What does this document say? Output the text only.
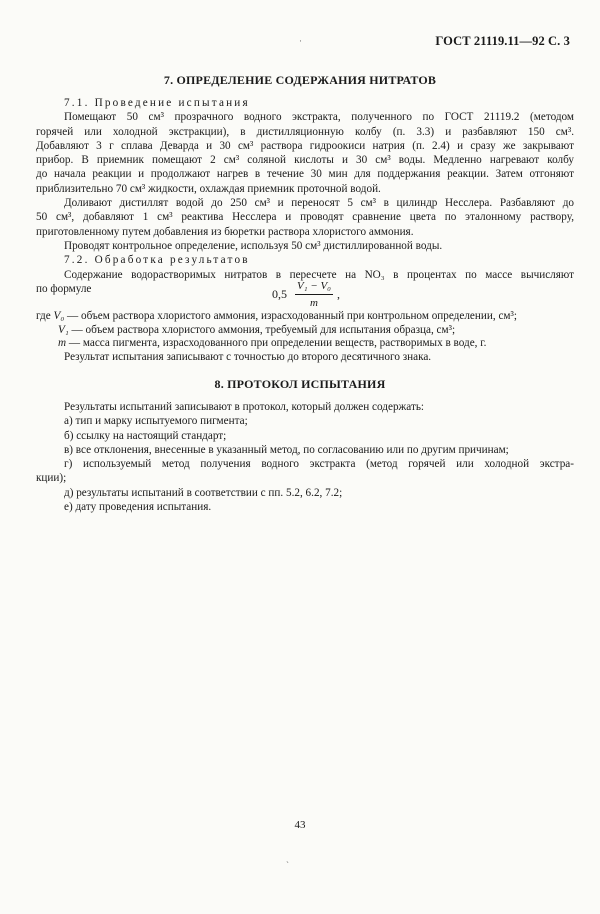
ГОСТ 21119.11—92 С. 3
7. ОПРЕДЕЛЕНИЕ СОДЕРЖАНИЯ НИТРАТОВ
7.1. Проведение испытания
Помещают 50 см³ прозрачного водного экстракта, полученного по ГОСТ 21119.2 (методом
горячей или холодной экстракции), в дистилляционную колбу (п. 3.3) и разбавляют 150 см³.
Добавляют 3 г сплава Деварда и 30 см³ раствора гидроокиси натрия (п. 2.4) и сразу же закрывают
прибор. В приемник помещают 2 см³ соляной кислоты и 30 см³ воды. Медленно нагревают колбу
до начала реакции и продолжают нагрев в течение 30 мин для поддержания реакции. Затем отгоняют
приблизительно 70 см³ жидкости, охлаждая приемник проточной водой.
Доливают дистиллят водой до 250 см³ и переносят 5 см³ в цилиндр Несслера. Разбавляют до
50 см³, добавляют 1 см³ реактива Несслера и проводят сравнение цвета по эталонному раствору,
приготовленному путем добавления из бюретки раствора хлористого аммония.
Проводят контрольное определение, используя 50 см³ дистиллированной воды.
7.2. Обработка результатов
Содержание водорастворимых нитратов в пересчете на NO₃ в процентах по массе вычисляют
по формуле	$0,5 \frac{\text{V₁ − V₀}}{m}$ ,
где V₀ — объем раствора хлористого аммония, израсходованный при контрольном определении, см³;
V₁ — объем раствора хлористого аммония, требуемый для испытания образца, см³;
m — масса пигмента, израсходованного при определении веществ, растворимых в воде, г.
Результат испытания записывают с точностью до второго десятичного знака.
8. ПРОТОКОЛ ИСПЫТАНИЯ
Результаты испытаний записывают в протокол, который должен содержать:
а) тип и марку испытуемого пигмента;
б) ссылку на настоящий стандарт;
в) все отклонения, внесенные в указанный метод, по согласованию или по другим причинам;
г) используемый метод получения водного экстракта (метод горячей или холодной экстра-
кции);
д) результаты испытаний в соответствии с пп. 5.2, 6.2, 7.2;
е) дату проведения испытания.
43
·
ˋ
